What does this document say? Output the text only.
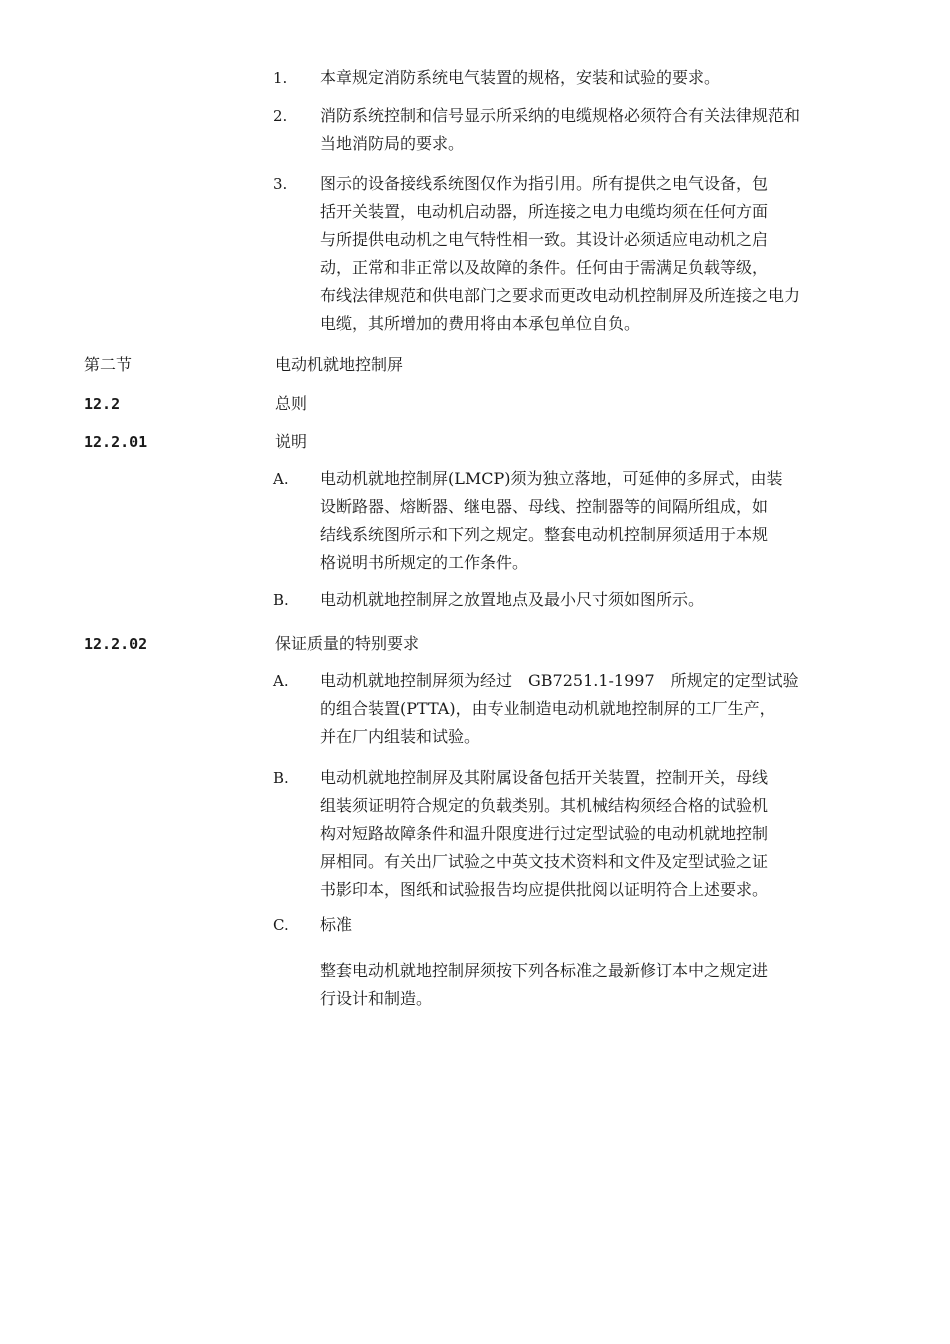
1. 本章规定消防系统电气装置的规格，安装和试验的要求。
2. 消防系统控制和信号显示所采纳的电缆规格必须符合有关法律规范和
当地消防局的要求。
3. 图示的设备接线系统图仅作为指引用。所有提供之电气设备，包
括开关装置，电动机启动器，所连接之电力电缆均须在任何方面
与所提供电动机之电气特性相一致。其设计必须适应电动机之启
动，正常和非正常以及故障的条件。任何由于需满足负载等级，
布线法律规范和供电部门之要求而更改电动机控制屏及所连接之电力
电缆，其所增加的费用将由本承包单位自负。
第二节	电动机就地控制屏
12.2	总则
12.2.01	说明
A. 电动机就地控制屏(LMCP)须为独立落地，可延伸的多屏式，由装
设断路器、熔断器、继电器、母线、控制器等的间隔所组成，如
结线系统图所示和下列之规定。整套电动机控制屏须适用于本规
格说明书所规定的工作条件。
B. 电动机就地控制屏之放置地点及最小尺寸须如图所示。
12.2.02	保证质量的特别要求
A. 电动机就地控制屏须为经过　GB7251.1-1997　所规定的定型试验
的组合装置(PTTA)，由专业制造电动机就地控制屏的工厂生产，
并在厂内组装和试验。
B. 电动机就地控制屏及其附属设备包括开关装置，控制开关，母线
组装须证明符合规定的负载类别。其机械结构须经合格的试验机
构对短路故障条件和温升限度进行过定型试验的电动机就地控制
屏相同。有关出厂试验之中英文技术资料和文件及定型试验之证
书影印本，图纸和试验报告均应提供批阅以证明符合上述要求。
C. 标准
整套电动机就地控制屏须按下列各标准之最新修订本中之规定进
行设计和制造。
